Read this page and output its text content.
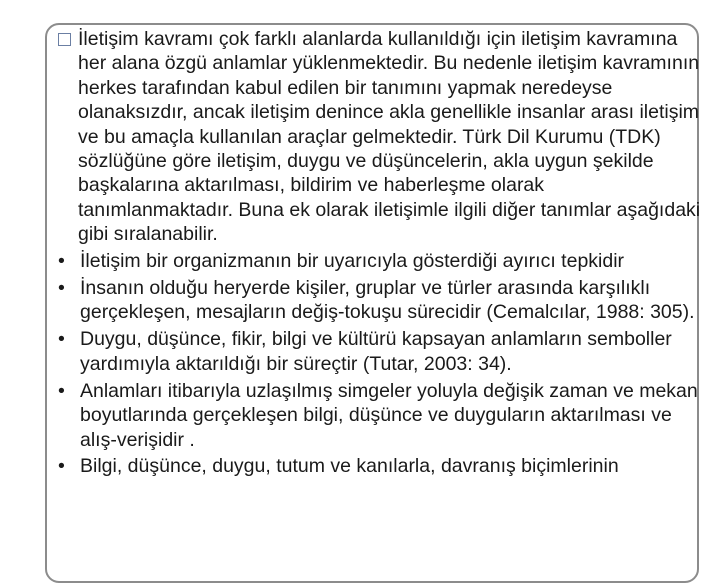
İletişim kavramı çok farklı alanlarda kullanıldığı için iletişim kavramına her alana özgü anlamlar yüklenmektedir. Bu nedenle iletişim kavramının herkes tarafından kabul edilen bir tanımını yapmak neredeyse olanaksızdır, ancak iletişim denince akla genellikle insanlar arası iletişim ve bu amaçla kullanılan araçlar gelmektedir. Türk Dil Kurumu (TDK) sözlüğüne göre iletişim, duygu ve düşüncelerin, akla uygun şekilde başkalarına aktarılması, bildirim ve haberleşme olarak tanımlanmaktadır. Buna ek olarak iletişimle ilgili diğer tanımlar aşağıdaki gibi sıralanabilir.
• İletişim bir organizmanın bir uyarıcıyla gösterdiği ayırıcı tepkidir
• İnsanın olduğu heryerde kişiler, gruplar ve türler arasında karşılıklı gerçekleşen, mesajların değiş-tokuşu sürecidir (Cemalcılar, 1988: 305).
• Duygu, düşünce, fikir, bilgi ve kültürü kapsayan anlamların semboller yardımıyla aktarıldığı bir süreçtir (Tutar, 2003: 34).
• Anlamları itibarıyla uzlaşılmış simgeler yoluyla değişik zaman ve mekan boyutlarında gerçekleşen bilgi, düşünce ve duyguların aktarılması ve alış-verişidir .
• Bilgi, düşünce, duygu, tutum ve kanılarla, davranış biçimlerinin
